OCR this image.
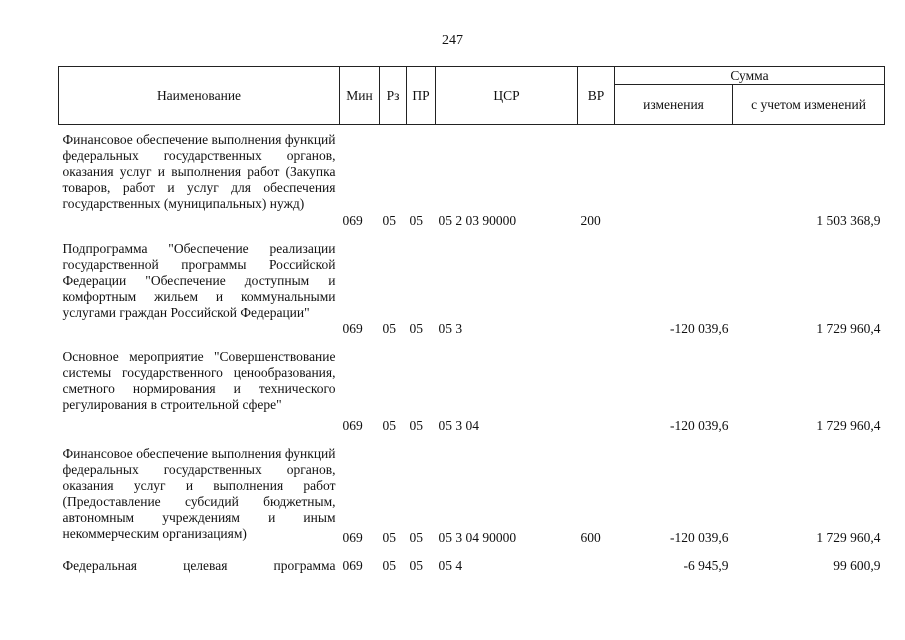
247
Наименование	Мин	Рз	ПР	ЦСР	ВР	Сумма	
						изменения	с учетом изменений
Финансовое обеспечение выполнения функций федеральных государственных органов, оказания услуг и выполнения работ (Закупка товаров, работ и услуг для обеспечения государственных (муниципальных) нужд)	069	05	05	05 2 03 90000	200		1 503 368,9
Подпрограмма "Обеспечение реализации государственной программы Российской Федерации "Обеспечение доступным и комфортным жильем и коммунальными услугами граждан Российской Федерации"	069	05	05	05 3		-120 039,6	1 729 960,4
Основное мероприятие "Совершенствование системы государственного ценообразования, сметного нормирования и технического регулирования в строительной сфере"	069	05	05	05 3 04		-120 039,6	1 729 960,4
Финансовое обеспечение выполнения функций федеральных государственных органов, оказания услуг и выполнения работ (Предоставление субсидий бюджетным, автономным учреждениям и иным некоммерческим организациям)	069	05	05	05 3 04 90000	600	-120 039,6	1 729 960,4
Федеральная целевая программа	069	05	05	05 4		-6 945,9	99 600,9
